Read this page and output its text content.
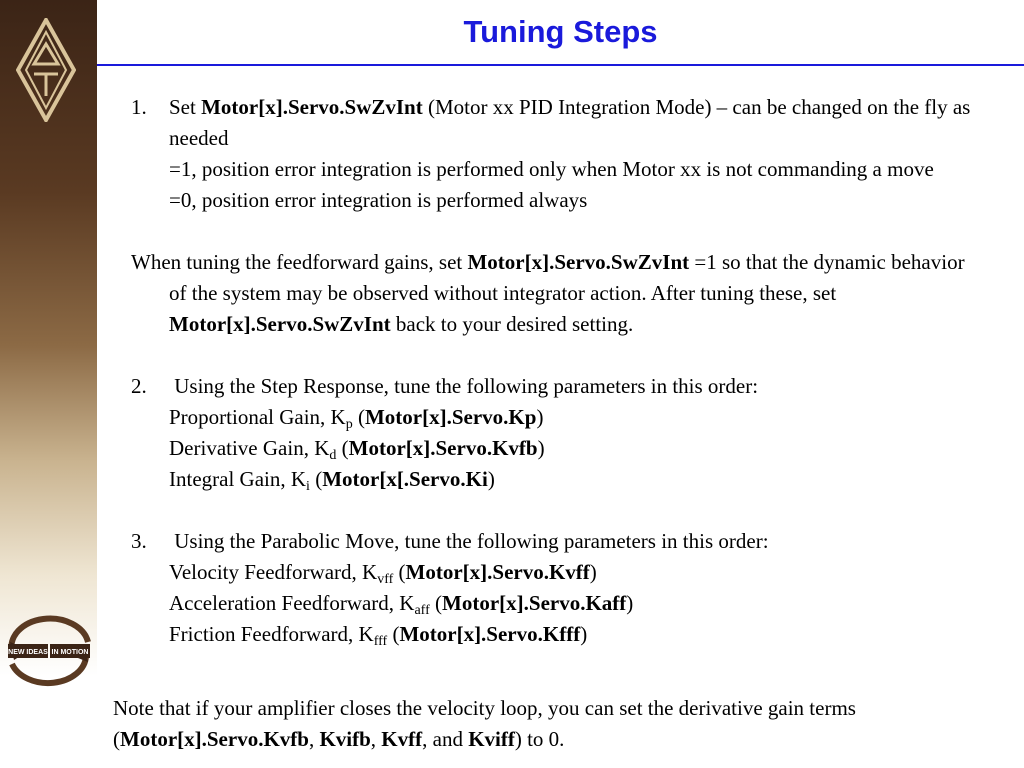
NEW IDEAS IN MOTION
Tuning Steps

1. Set Motor[x].Servo.SwZvInt (Motor xx PID Integration Mode) – can be changed on the fly as needed

=1, position error integration is performed only when Motor xx is not commanding a move

=0, position error integration is performed always

When tuning the feedforward gains, set Motor[x].Servo.SwZvInt =1 so that the dynamic behavior of the system may be observed without integrator action. After tuning these, set Motor[x].Servo.SwZvInt back to your desired setting.

2. Using the Step Response, tune the following parameters in this order:

Proportional Gain, $K_p$ (Motor[x].Servo.Kp)

Derivative Gain, $K_d$ (Motor[x].Servo.Kvfb)

Integral Gain, $K_i$ (Motor[x[.Servo.Ki)

3. Using the Parabolic Move, tune the following parameters in this order:

Velocity Feedforward, $K_{vff}$ (Motor[x].Servo.Kvff)

Acceleration Feedforward, $K_{aff}$ (Motor[x].Servo.Kaff)

Friction Feedforward, $K_{fff}$ (Motor[x].Servo.Kfff)

Note that if your amplifier closes the velocity loop, you can set the derivative gain terms (Motor[x].Servo.Kvfb, Kvifb, Kvff, and Kviff) to 0.
